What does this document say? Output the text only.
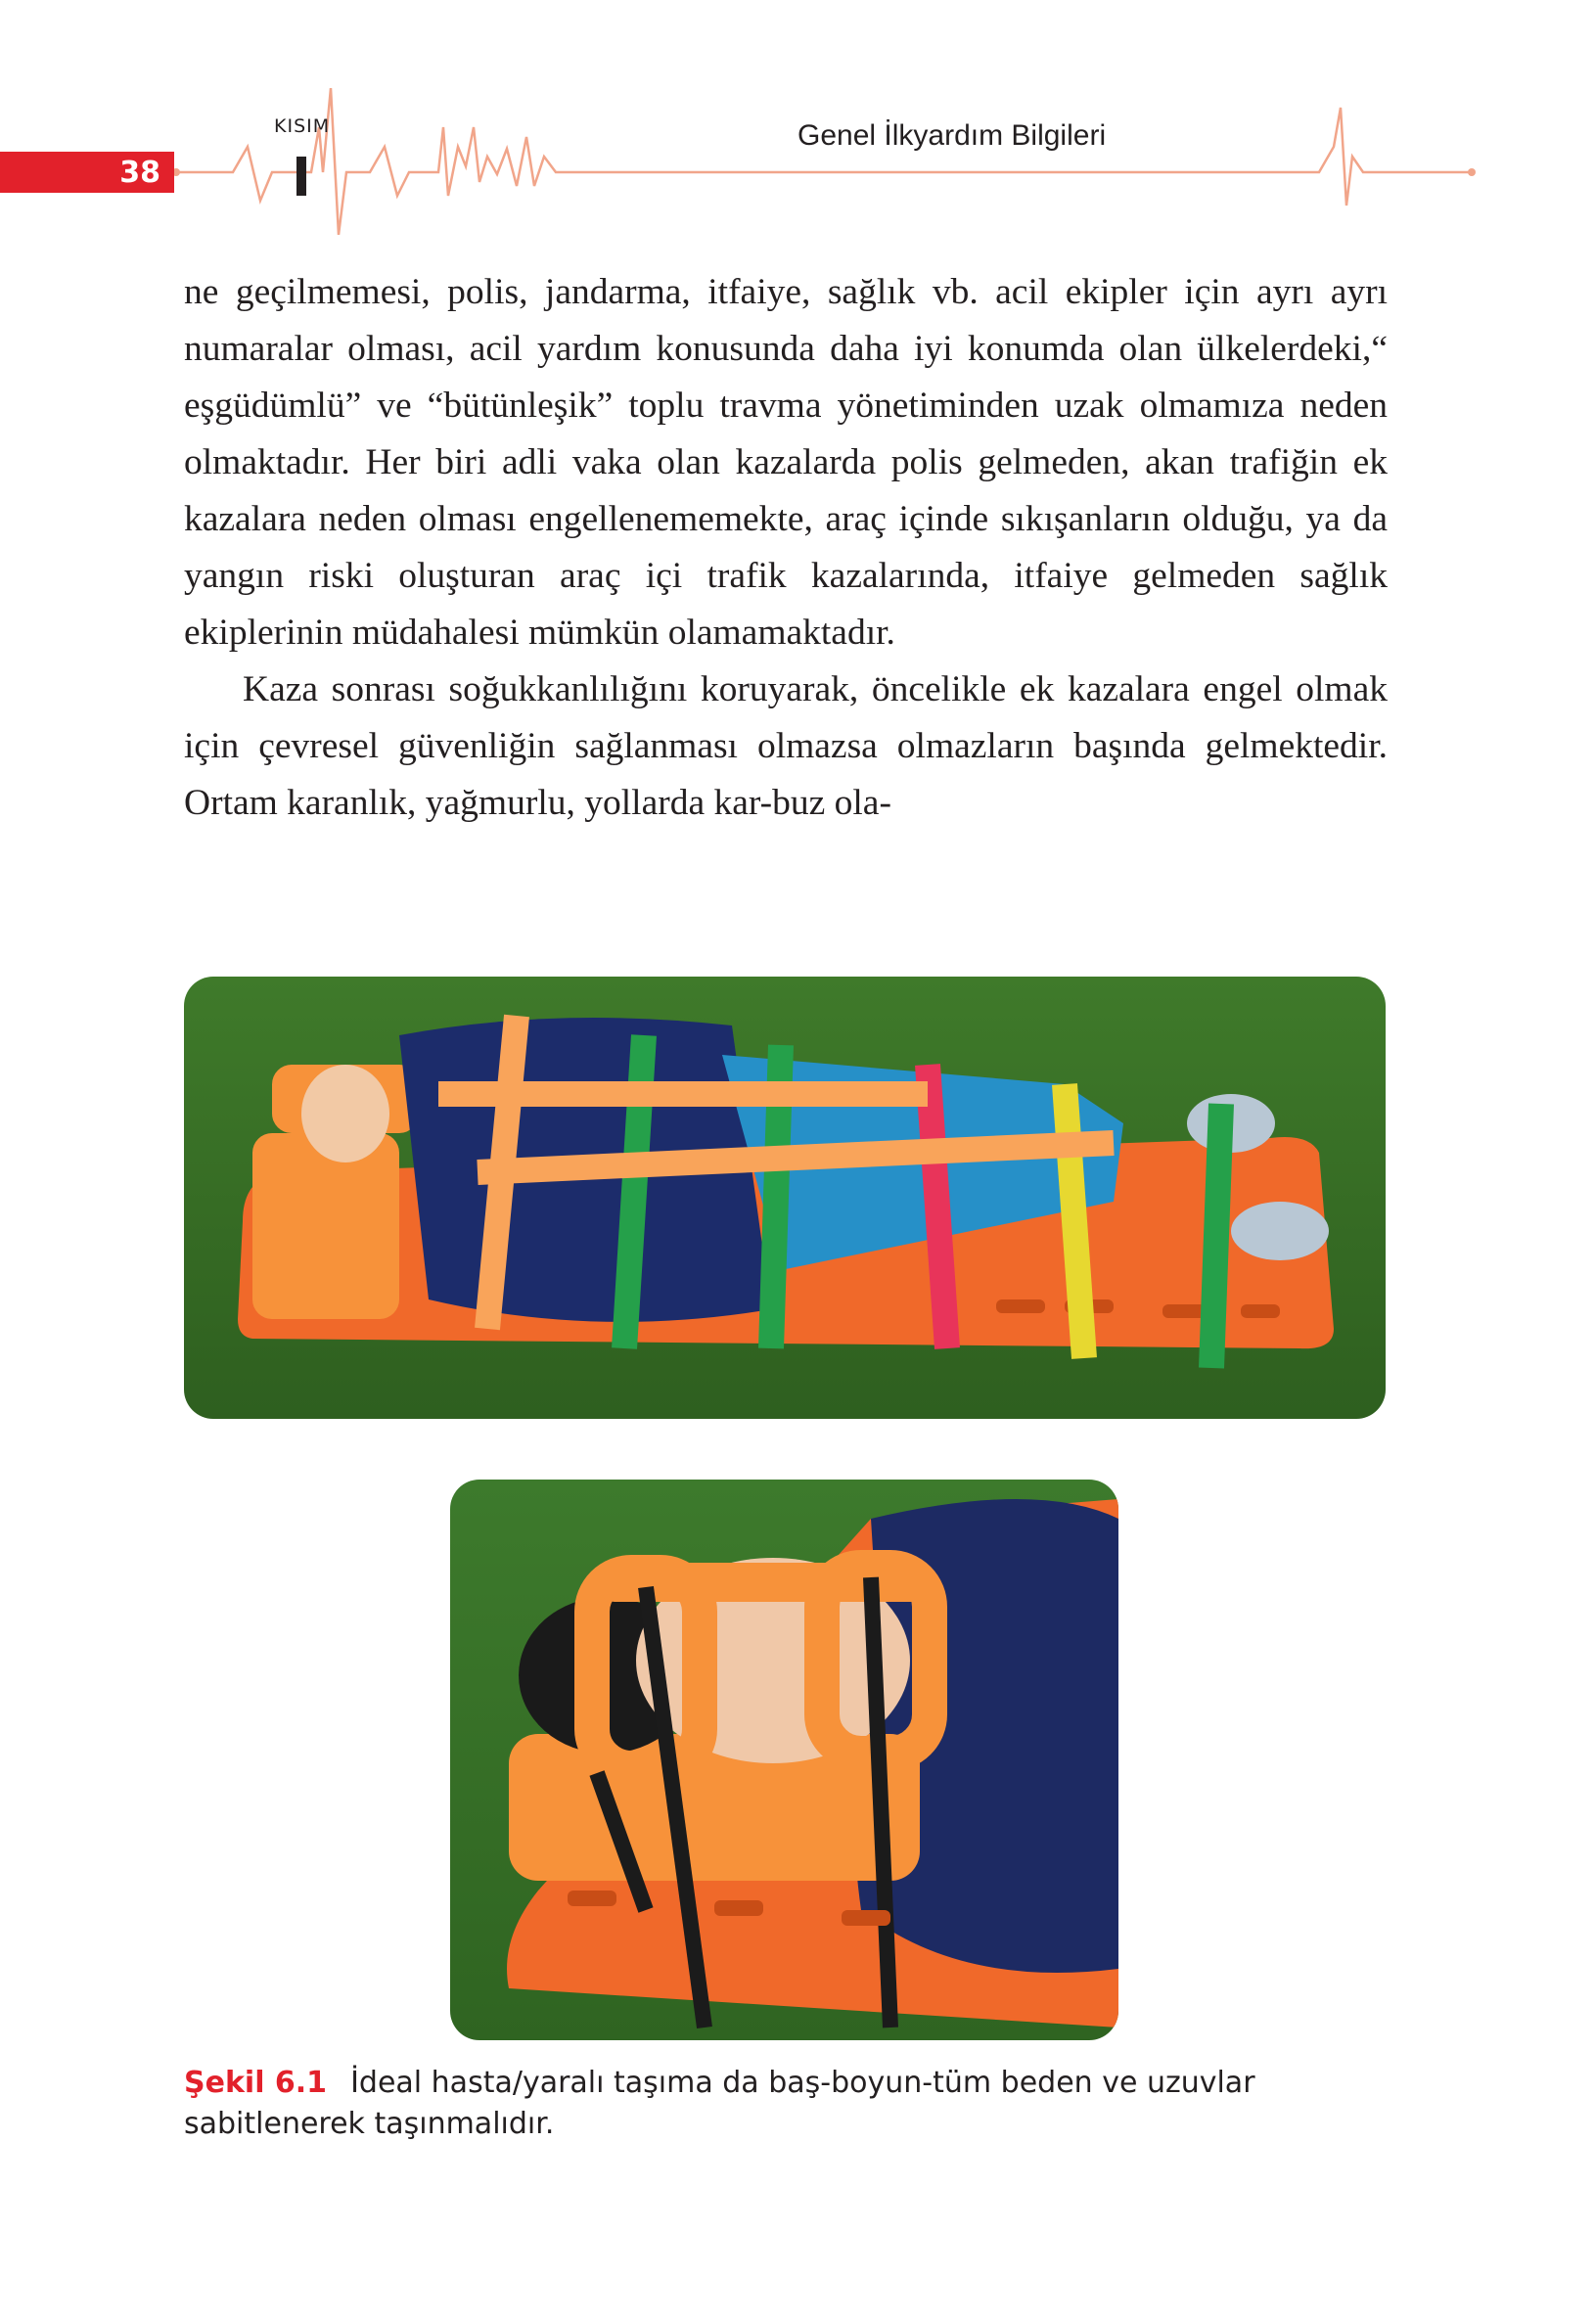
38
KISIM	Genel İlkyardım Bilgileri

ne geçilmemesi, polis, jandarma, itfaiye, sağlık vb. acil ekipler için ayrı ayrı numaralar olması, acil yardım konusunda daha iyi konumda olan ülkelerdeki,“ eşgüdümlü” ve “bütünleşik” toplu travma yönetiminden uzak olmamıza neden olmaktadır. Her biri adli vaka olan kazalarda polis gelmeden, akan trafiğin ek kazalara neden olması engellenememekte, araç içinde sıkışanların olduğu, ya da yangın riski oluşturan araç içi trafik kazalarında, itfaiye gelmeden sağlık ekiplerinin müdahalesi mümkün olamamaktadır.

Kaza sonrası soğukkanlılığını koruyarak, öncelikle ek kazalara engel olmak için çevresel güvenliğin sağlanması olmazsa olmazların başında gelmektedir. Ortam karanlık, yağmurlu, yollarda kar-buz ola-

Şekil 6.1 İdeal hasta/yaralı taşıma da baş-boyun-tüm beden ve uzuvlar sabitlenerek taşınmalıdır.
